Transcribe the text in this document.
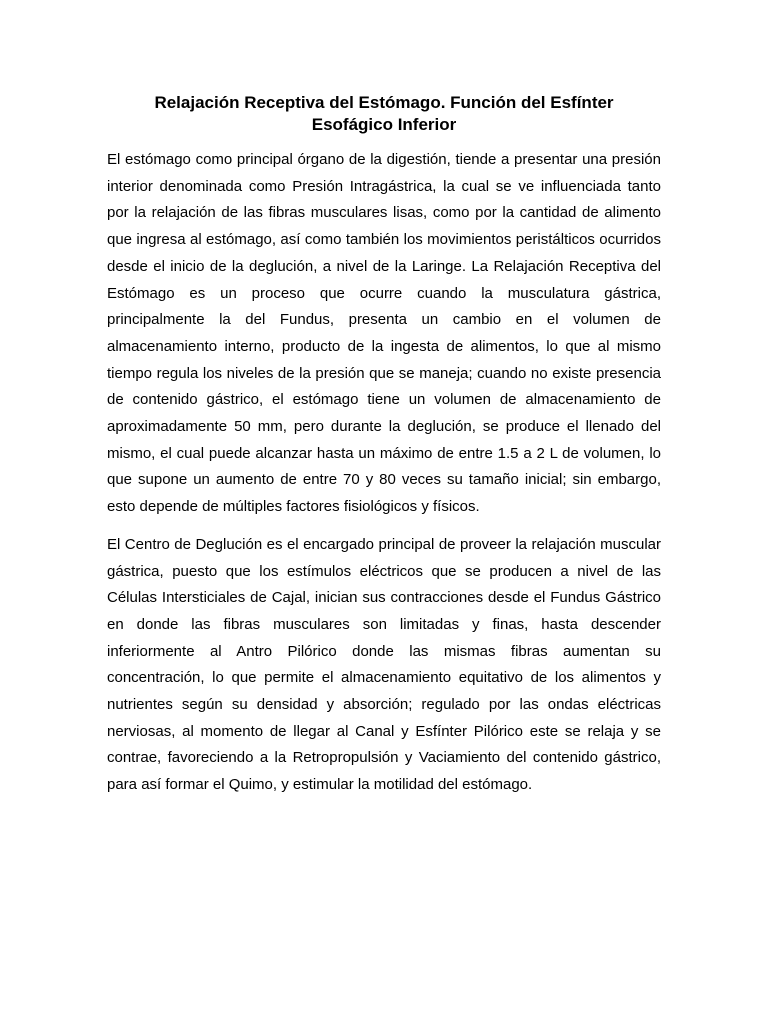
Relajación Receptiva del Estómago. Función del Esfínter
Esofágico Inferior

El estómago como principal órgano de la digestión, tiende a presentar una presión interior denominada como Presión Intragástrica, la cual se ve influenciada tanto por la relajación de las fibras musculares lisas, como por la cantidad de alimento que ingresa al estómago, así como también los movimientos peristálticos ocurridos desde el inicio de la deglución, a nivel de la Laringe. La Relajación Receptiva del Estómago es un proceso que ocurre cuando la musculatura gástrica, principalmente la del Fundus, presenta un cambio en el volumen de almacenamiento interno, producto de la ingesta de alimentos, lo que al mismo tiempo regula los niveles de la presión que se maneja; cuando no existe presencia de contenido gástrico, el estómago tiene un volumen de almacenamiento de aproximadamente 50 mm, pero durante la deglución, se produce el llenado del mismo, el cual puede alcanzar hasta un máximo de entre 1.5 a 2 L de volumen, lo que supone un aumento de entre 70 y 80 veces su tamaño inicial; sin embargo, esto depende de múltiples factores fisiológicos y físicos.

El Centro de Deglución es el encargado principal de proveer la relajación muscular gástrica, puesto que los estímulos eléctricos que se producen a nivel de las Células Intersticiales de Cajal, inician sus contracciones desde el Fundus Gástrico en donde las fibras musculares son limitadas y finas, hasta descender inferiormente al Antro Pilórico donde las mismas fibras aumentan su concentración, lo que permite el almacenamiento equitativo de los alimentos y nutrientes según su densidad y absorción; regulado por las ondas eléctricas nerviosas, al momento de llegar al Canal y Esfínter Pilórico este se relaja y se contrae, favoreciendo a la Retropropulsión y Vaciamiento del contenido gástrico, para así formar el Quimo, y estimular la motilidad del estómago.
